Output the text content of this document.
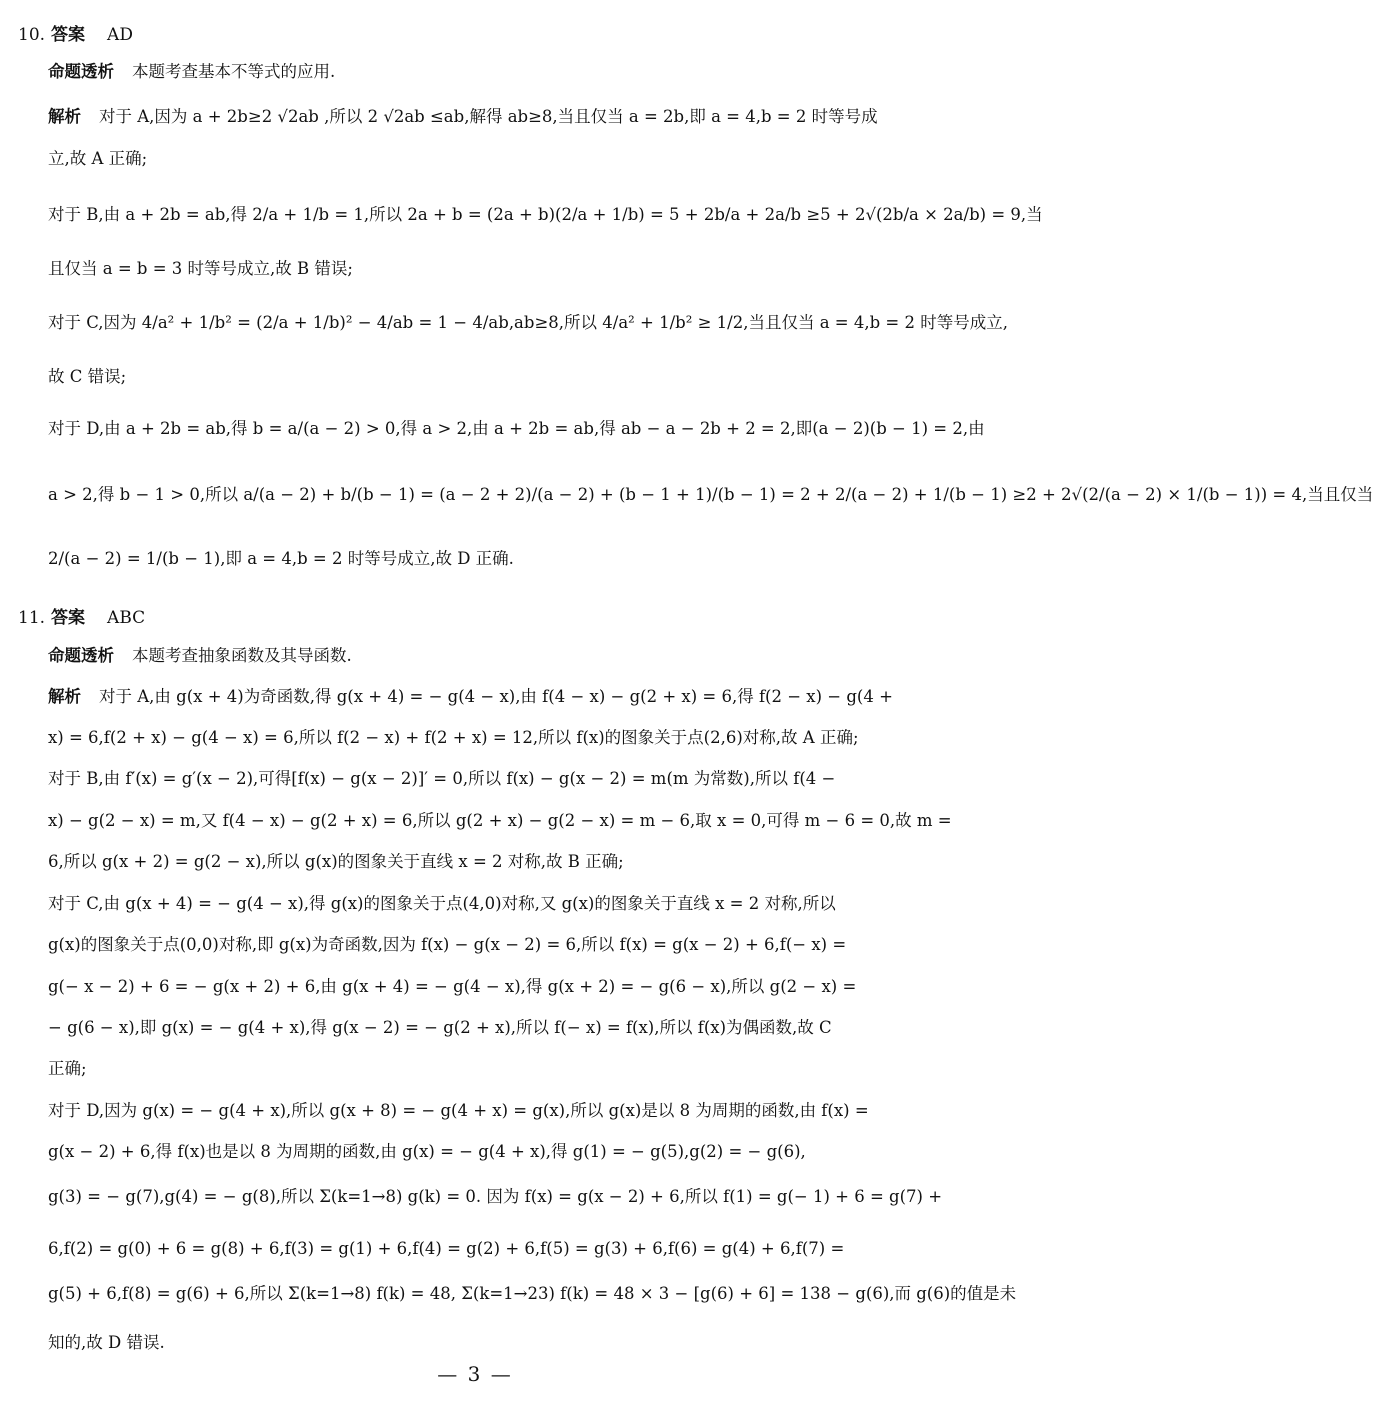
10. 答案 AD
命题透析 本题考查基本不等式的应用.
解析 对于 A,因为 a + 2b≥2 √2ab ,所以 2 √2ab ≤ab,解得 ab≥8,当且仅当 a = 2b,即 a = 4,b = 2 时等号成
立,故 A 正确;
对于 B,由 a + 2b = ab,得 2/a + 1/b = 1,所以 2a + b = (2a + b)(2/a + 1/b) = 5 + 2b/a + 2a/b ≥5 + 2√(2b/a × 2a/b) = 9,当
且仅当 a = b = 3 时等号成立,故 B 错误;
对于 C,因为 4/a² + 1/b² = (2/a + 1/b)² − 4/ab = 1 − 4/ab,ab≥8,所以 4/a² + 1/b² ≥ 1/2,当且仅当 a = 4,b = 2 时等号成立,
故 C 错误;
对于 D,由 a + 2b = ab,得 b = a/(a − 2) > 0,得 a > 2,由 a + 2b = ab,得 ab − a − 2b + 2 = 2,即(a − 2)(b − 1) = 2,由
a > 2,得 b − 1 > 0,所以 a/(a − 2) + b/(b − 1) = (a − 2 + 2)/(a − 2) + (b − 1 + 1)/(b − 1) = 2 + 2/(a − 2) + 1/(b − 1) ≥2 + 2√(2/(a − 2) × 1/(b − 1)) = 4,当且仅当
2/(a − 2) = 1/(b − 1),即 a = 4,b = 2 时等号成立,故 D 正确.
11. 答案 ABC
命题透析 本题考查抽象函数及其导函数.
解析 对于 A,由 g(x + 4)为奇函数,得 g(x + 4) = − g(4 − x),由 f(4 − x) − g(2 + x) = 6,得 f(2 − x) − g(4 +
x) = 6,f(2 + x) − g(4 − x) = 6,所以 f(2 − x) + f(2 + x) = 12,所以 f(x)的图象关于点(2,6)对称,故 A 正确;
对于 B,由 f′(x) = g′(x − 2),可得[f(x) − g(x − 2)]′ = 0,所以 f(x) − g(x − 2) = m(m 为常数),所以 f(4 −
x) − g(2 − x) = m,又 f(4 − x) − g(2 + x) = 6,所以 g(2 + x) − g(2 − x) = m − 6,取 x = 0,可得 m − 6 = 0,故 m =
6,所以 g(x + 2) = g(2 − x),所以 g(x)的图象关于直线 x = 2 对称,故 B 正确;
对于 C,由 g(x + 4) = − g(4 − x),得 g(x)的图象关于点(4,0)对称,又 g(x)的图象关于直线 x = 2 对称,所以
g(x)的图象关于点(0,0)对称,即 g(x)为奇函数,因为 f(x) − g(x − 2) = 6,所以 f(x) = g(x − 2) + 6,f(− x) =
g(− x − 2) + 6 = − g(x + 2) + 6,由 g(x + 4) = − g(4 − x),得 g(x + 2) = − g(6 − x),所以 g(2 − x) =
− g(6 − x),即 g(x) = − g(4 + x),得 g(x − 2) = − g(2 + x),所以 f(− x) = f(x),所以 f(x)为偶函数,故 C
正确;
对于 D,因为 g(x) = − g(4 + x),所以 g(x + 8) = − g(4 + x) = g(x),所以 g(x)是以 8 为周期的函数,由 f(x) =
g(x − 2) + 6,得 f(x)也是以 8 为周期的函数,由 g(x) = − g(4 + x),得 g(1) = − g(5),g(2) = − g(6),
g(3) = − g(7),g(4) = − g(8),所以 Σ(k=1→8) g(k) = 0. 因为 f(x) = g(x − 2) + 6,所以 f(1) = g(− 1) + 6 = g(7) +
6,f(2) = g(0) + 6 = g(8) + 6,f(3) = g(1) + 6,f(4) = g(2) + 6,f(5) = g(3) + 6,f(6) = g(4) + 6,f(7) =
g(5) + 6,f(8) = g(6) + 6,所以 Σ(k=1→8) f(k) = 48, Σ(k=1→23) f(k) = 48 × 3 − [g(6) + 6] = 138 − g(6),而 g(6)的值是未
知的,故 D 错误.
— 3 —
